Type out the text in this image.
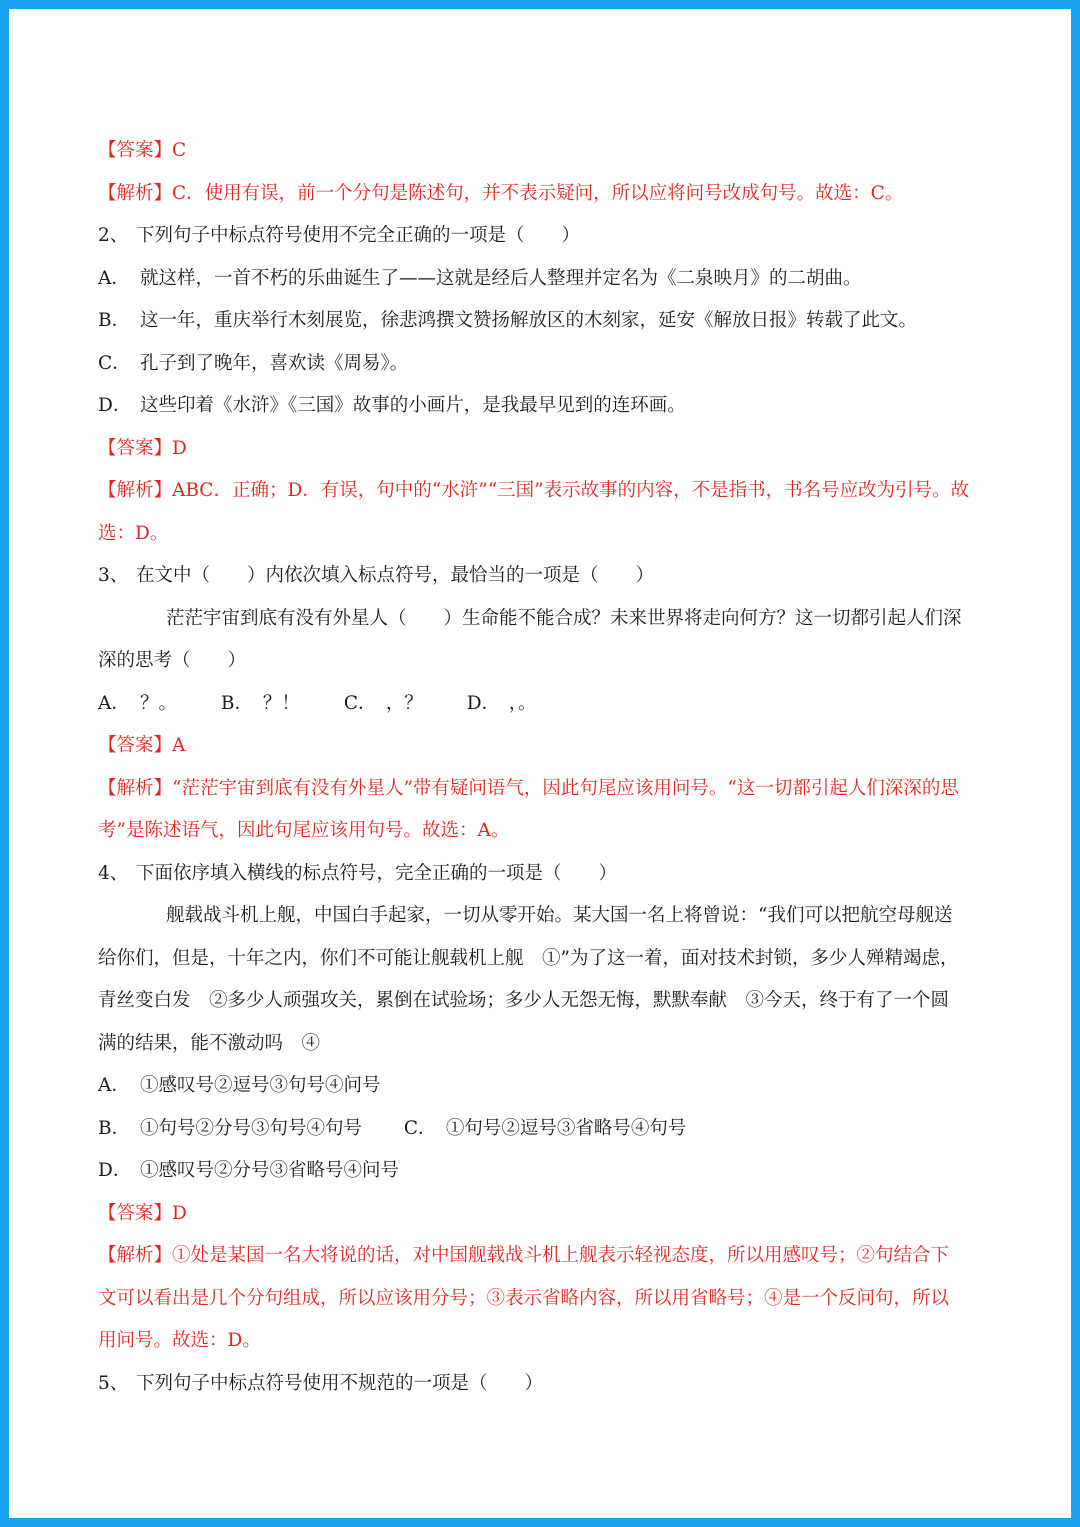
【答案】C
【解析】C．使用有误，前一个分句是陈述句，并不表示疑问，所以应将问号改成句号。故选：C。
2、 下列句子中标点符号使用不完全正确的一项是（　　）
A． 就这样，一首不朽的乐曲诞生了——这就是经后人整理并定名为《二泉映月》的二胡曲。
B． 这一年，重庆举行木刻展览，徐悲鸿撰文赞扬解放区的木刻家，延安《解放日报》转载了此文。
C． 孔子到了晚年，喜欢读《周易》。
D． 这些印着《水浒》《三国》故事的小画片，是我最早见到的连环画。
【答案】D
【解析】ABC．正确；D．有误，句中的“水浒”“三国”表示故事的内容，不是指书，书名号应改为引号。故
选：D。
3、 在文中（　　）内依次填入标点符号，最恰当的一项是（　　）
茫茫宇宙到底有没有外星人（　　）生命能不能合成？未来世界将走向何方？这一切都引起人们深
深的思考（　　）
A． ？。 B． ？！ C． ，？ D． ，。
【答案】A
【解析】“茫茫宇宙到底有没有外星人”带有疑问语气，因此句尾应该用问号。“这一切都引起人们深深的思
考”是陈述语气，因此句尾应该用句号。故选：A。
4、 下面依序填入横线的标点符号，完全正确的一项是（　　）
舰载战斗机上舰，中国白手起家，一切从零开始。某大国一名上将曾说：“我们可以把航空母舰送
给你们，但是，十年之内，你们不可能让舰载机上舰　①”为了这一着，面对技术封锁，多少人殚精竭虑，
青丝变白发　②多少人顽强攻关，累倒在试验场；多少人无怨无悔，默默奉献　③今天，终于有了一个圆
满的结果，能不激动吗　④
A． ①感叹号②逗号③句号④问号
B． ①句号②分号③句号④句号 C． ①句号②逗号③省略号④句号
D． ①感叹号②分号③省略号④问号
【答案】D
【解析】①处是某国一名大将说的话，对中国舰载战斗机上舰表示轻视态度，所以用感叹号；②句结合下
文可以看出是几个分句组成，所以应该用分号；③表示省略内容，所以用省略号；④是一个反问句，所以
用问号。故选：D。
5、 下列句子中标点符号使用不规范的一项是（　　）
